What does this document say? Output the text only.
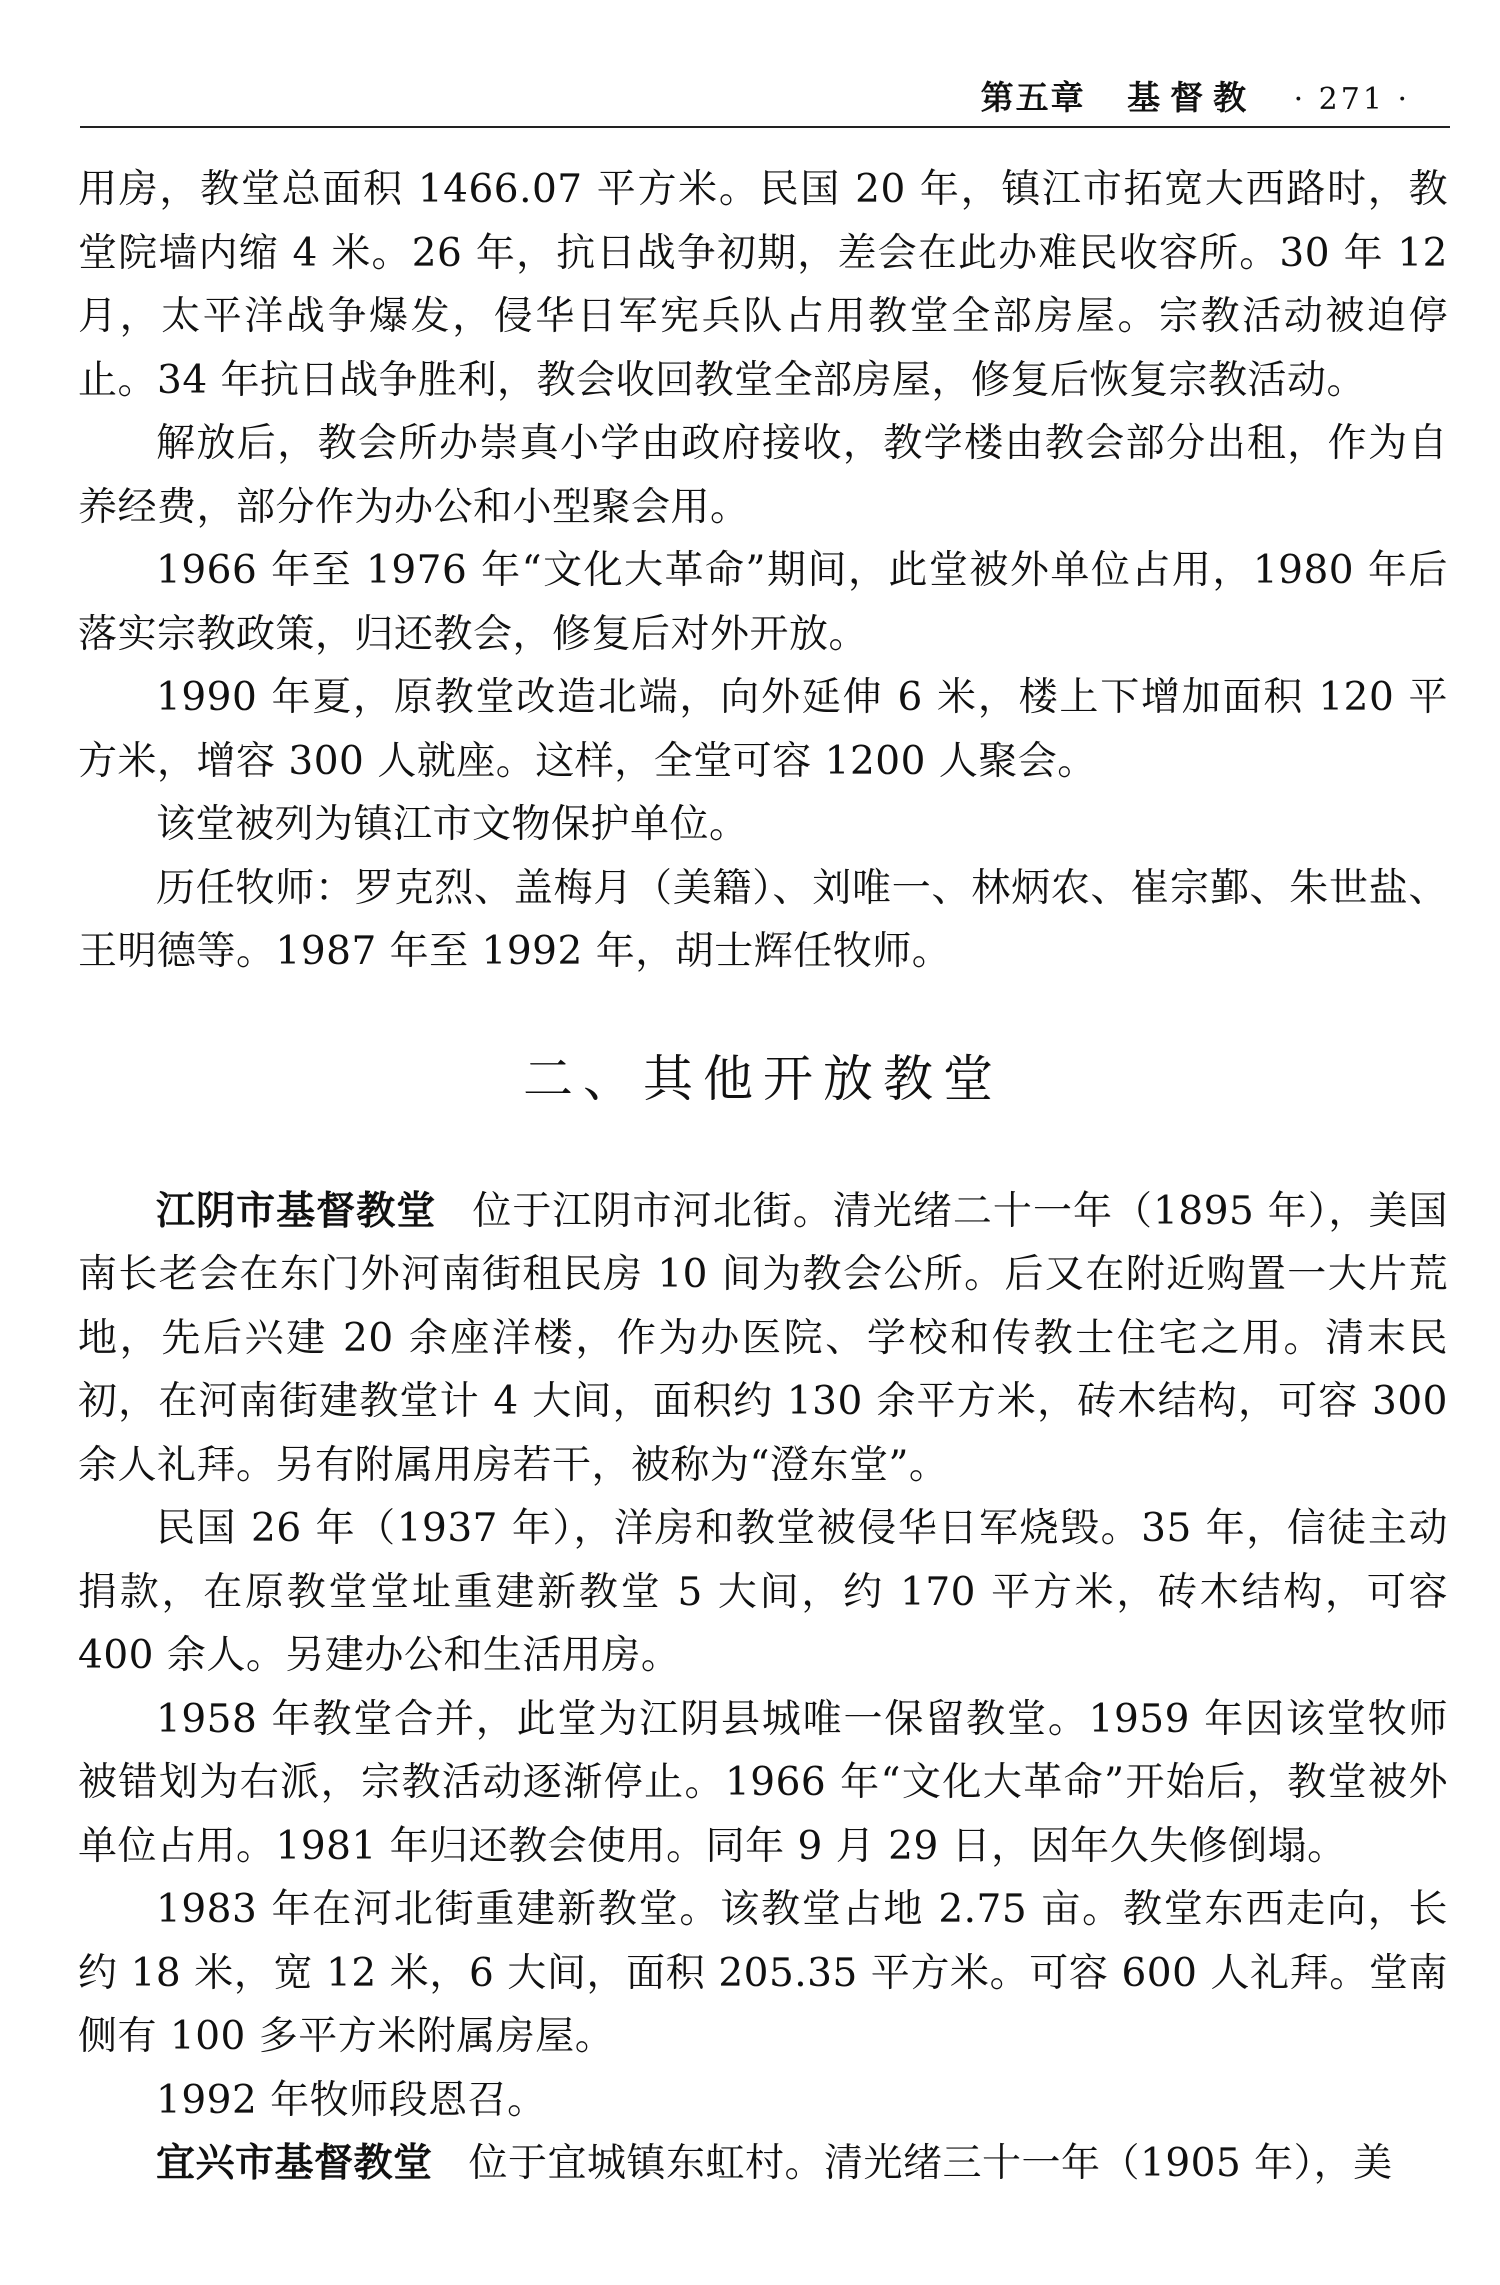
第五章 基督教 · 271 ·

用房，教堂总面积 1466.07 平方米。民国 20 年，镇江市拓宽大西路时，教堂院墙内缩 4 米。26 年，抗日战争初期，差会在此办难民收容所。30 年 12 月，太平洋战争爆发，侵华日军宪兵队占用教堂全部房屋。宗教活动被迫停止。34 年抗日战争胜利，教会收回教堂全部房屋，修复后恢复宗教活动。

解放后，教会所办崇真小学由政府接收，教学楼由教会部分出租，作为自养经费，部分作为办公和小型聚会用。

1966 年至 1976 年“文化大革命”期间，此堂被外单位占用，1980 年后落实宗教政策，归还教会，修复后对外开放。

1990 年夏，原教堂改造北端，向外延伸 6 米，楼上下增加面积 120 平方米，增容 300 人就座。这样，全堂可容 1200 人聚会。

该堂被列为镇江市文物保护单位。

历任牧师：罗克烈、盖梅月（美籍）、刘唯一、林炳农、崔宗鄞、朱世盐、王明德等。1987 年至 1992 年，胡士辉任牧师。

二、其他开放教堂

江阴市基督教堂 位于江阴市河北街。清光绪二十一年（1895 年），美国南长老会在东门外河南街租民房 10 间为教会公所。后又在附近购置一大片荒地，先后兴建 20 余座洋楼，作为办医院、学校和传教士住宅之用。清末民初，在河南街建教堂计 4 大间，面积约 130 余平方米，砖木结构，可容 300 余人礼拜。另有附属用房若干，被称为“澄东堂”。

民国 26 年（1937 年），洋房和教堂被侵华日军烧毁。35 年，信徒主动捐款，在原教堂堂址重建新教堂 5 大间，约 170 平方米，砖木结构，可容 400 余人。另建办公和生活用房。

1958 年教堂合并，此堂为江阴县城唯一保留教堂。1959 年因该堂牧师被错划为右派，宗教活动逐渐停止。1966 年“文化大革命”开始后，教堂被外单位占用。1981 年归还教会使用。同年 9 月 29 日，因年久失修倒塌。

1983 年在河北街重建新教堂。该教堂占地 2.75 亩。教堂东西走向，长约 18 米，宽 12 米，6 大间，面积 205.35 平方米。可容 600 人礼拜。堂南侧有 100 多平方米附属房屋。

1992 年牧师段恩召。

宜兴市基督教堂 位于宜城镇东虹村。清光绪三十一年（1905 年），美
